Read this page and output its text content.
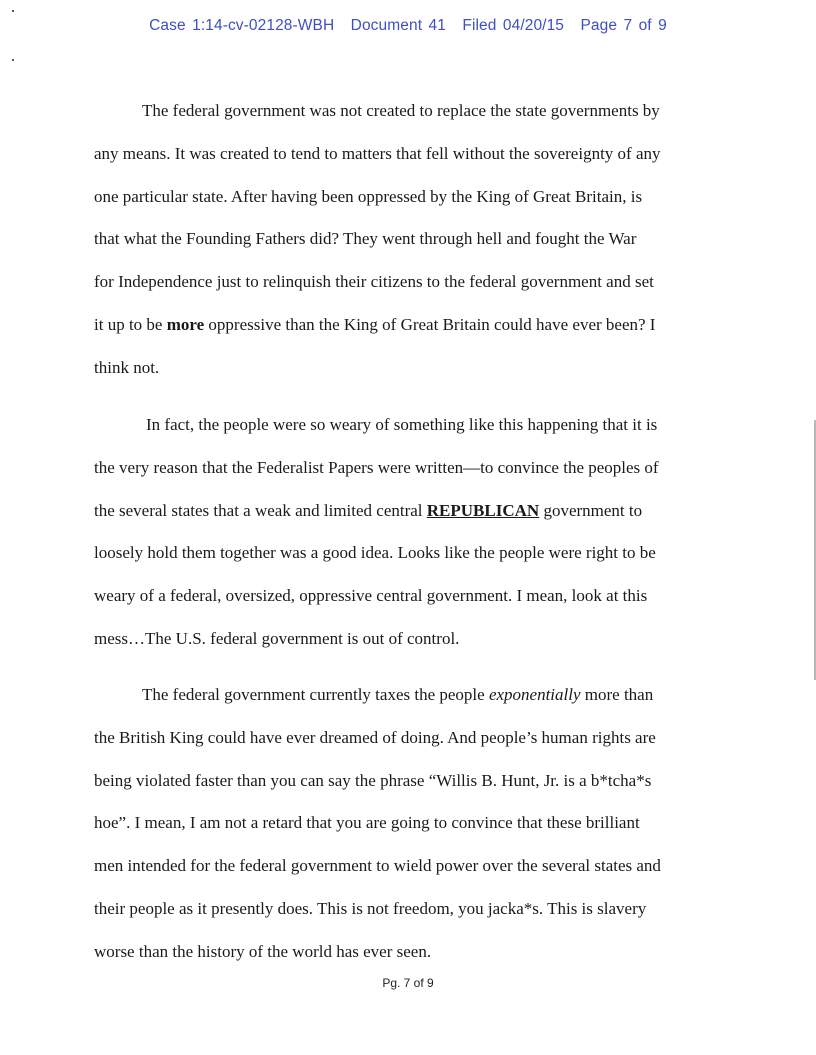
Case 1:14-cv-02128-WBH Document 41 Filed 04/20/15 Page 7 of 9
The federal government was not created to replace the state governments by
any means. It was created to tend to matters that fell without the sovereignty of any
one particular state. After having been oppressed by the King of Great Britain, is
that what the Founding Fathers did? They went through hell and fought the War
for Independence just to relinquish their citizens to the federal government and set
it up to be more oppressive than the King of Great Britain could have ever been? I
think not.
In fact, the people were so weary of something like this happening that it is
the very reason that the Federalist Papers were written—to convince the peoples of
the several states that a weak and limited central REPUBLICAN government to
loosely hold them together was a good idea. Looks like the people were right to be
weary of a federal, oversized, oppressive central government. I mean, look at this
mess…The U.S. federal government is out of control.
The federal government currently taxes the people exponentially more than
the British King could have ever dreamed of doing. And people’s human rights are
being violated faster than you can say the phrase “Willis B. Hunt, Jr. is a b*tcha*s
hoe”. I mean, I am not a retard that you are going to convince that these brilliant
men intended for the federal government to wield power over the several states and
their people as it presently does. This is not freedom, you jacka*s. This is slavery
worse than the history of the world has ever seen.
Pg. 7 of 9
